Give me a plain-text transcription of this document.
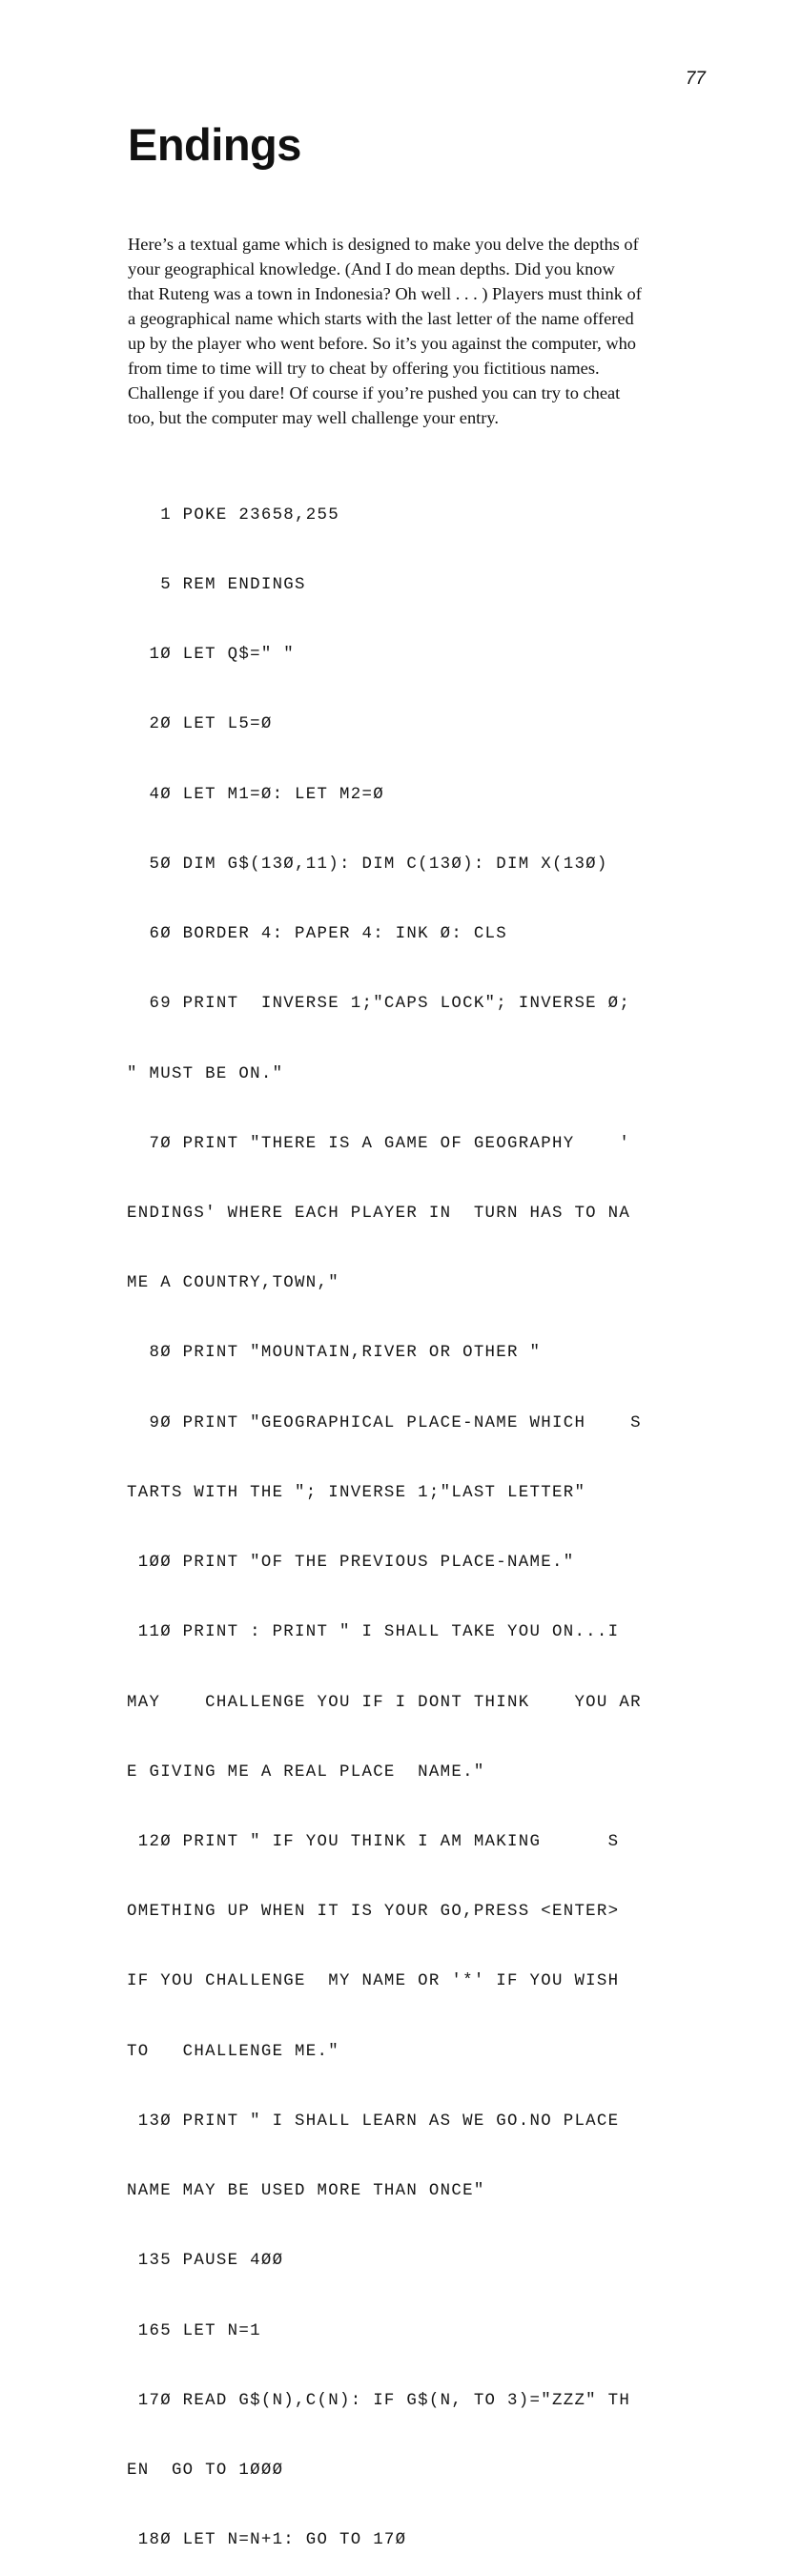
77
Endings

Here’s a textual game which is designed to make you delve the depths of
your geographical knowledge. (And I do mean depths. Did you know
that Ruteng was a town in Indonesia? Oh well . . . ) Players must think of
a geographical name which starts with the last letter of the name offered
up by the player who went before. So it’s you against the computer, who
from time to time will try to cheat by offering you fictitious names.
Challenge if you dare! Of course if you’re pushed you can try to cheat
too, but the computer may well challenge your entry.

1 POKE 23658,255

5 REM ENDINGS

1Ø LET Q$=" "

2Ø LET L5=Ø

4Ø LET M1=Ø: LET M2=Ø

5Ø DIM G$(13Ø,11): DIM C(13Ø): DIM X(13Ø)

6Ø BORDER 4: PAPER 4: INK Ø: CLS

69 PRINT  INVERSE 1;"CAPS LOCK"; INVERSE Ø;

" MUST BE ON."

7Ø PRINT "THERE IS A GAME OF GEOGRAPHY    '

ENDINGS' WHERE EACH PLAYER IN  TURN HAS TO NA

ME A COUNTRY,TOWN,"

8Ø PRINT "MOUNTAIN,RIVER OR OTHER "

9Ø PRINT "GEOGRAPHICAL PLACE-NAME WHICH    S

TARTS WITH THE "; INVERSE 1;"LAST LETTER"

1ØØ PRINT "OF THE PREVIOUS PLACE-NAME."

11Ø PRINT : PRINT " I SHALL TAKE YOU ON...I

MAY    CHALLENGE YOU IF I DONT THINK    YOU AR

E GIVING ME A REAL PLACE  NAME."

12Ø PRINT " IF YOU THINK I AM MAKING      S

OMETHING UP WHEN IT IS YOUR GO,PRESS <ENTER>

IF YOU CHALLENGE  MY NAME OR '*' IF YOU WISH

TO   CHALLENGE ME."

13Ø PRINT " I SHALL LEARN AS WE GO.NO PLACE

NAME MAY BE USED MORE THAN ONCE"

135 PAUSE 4ØØ

165 LET N=1

17Ø READ G$(N),C(N): IF G$(N, TO 3)="ZZZ" TH

EN  GO TO 1ØØØ

18Ø LET N=N+1: GO TO 17Ø
